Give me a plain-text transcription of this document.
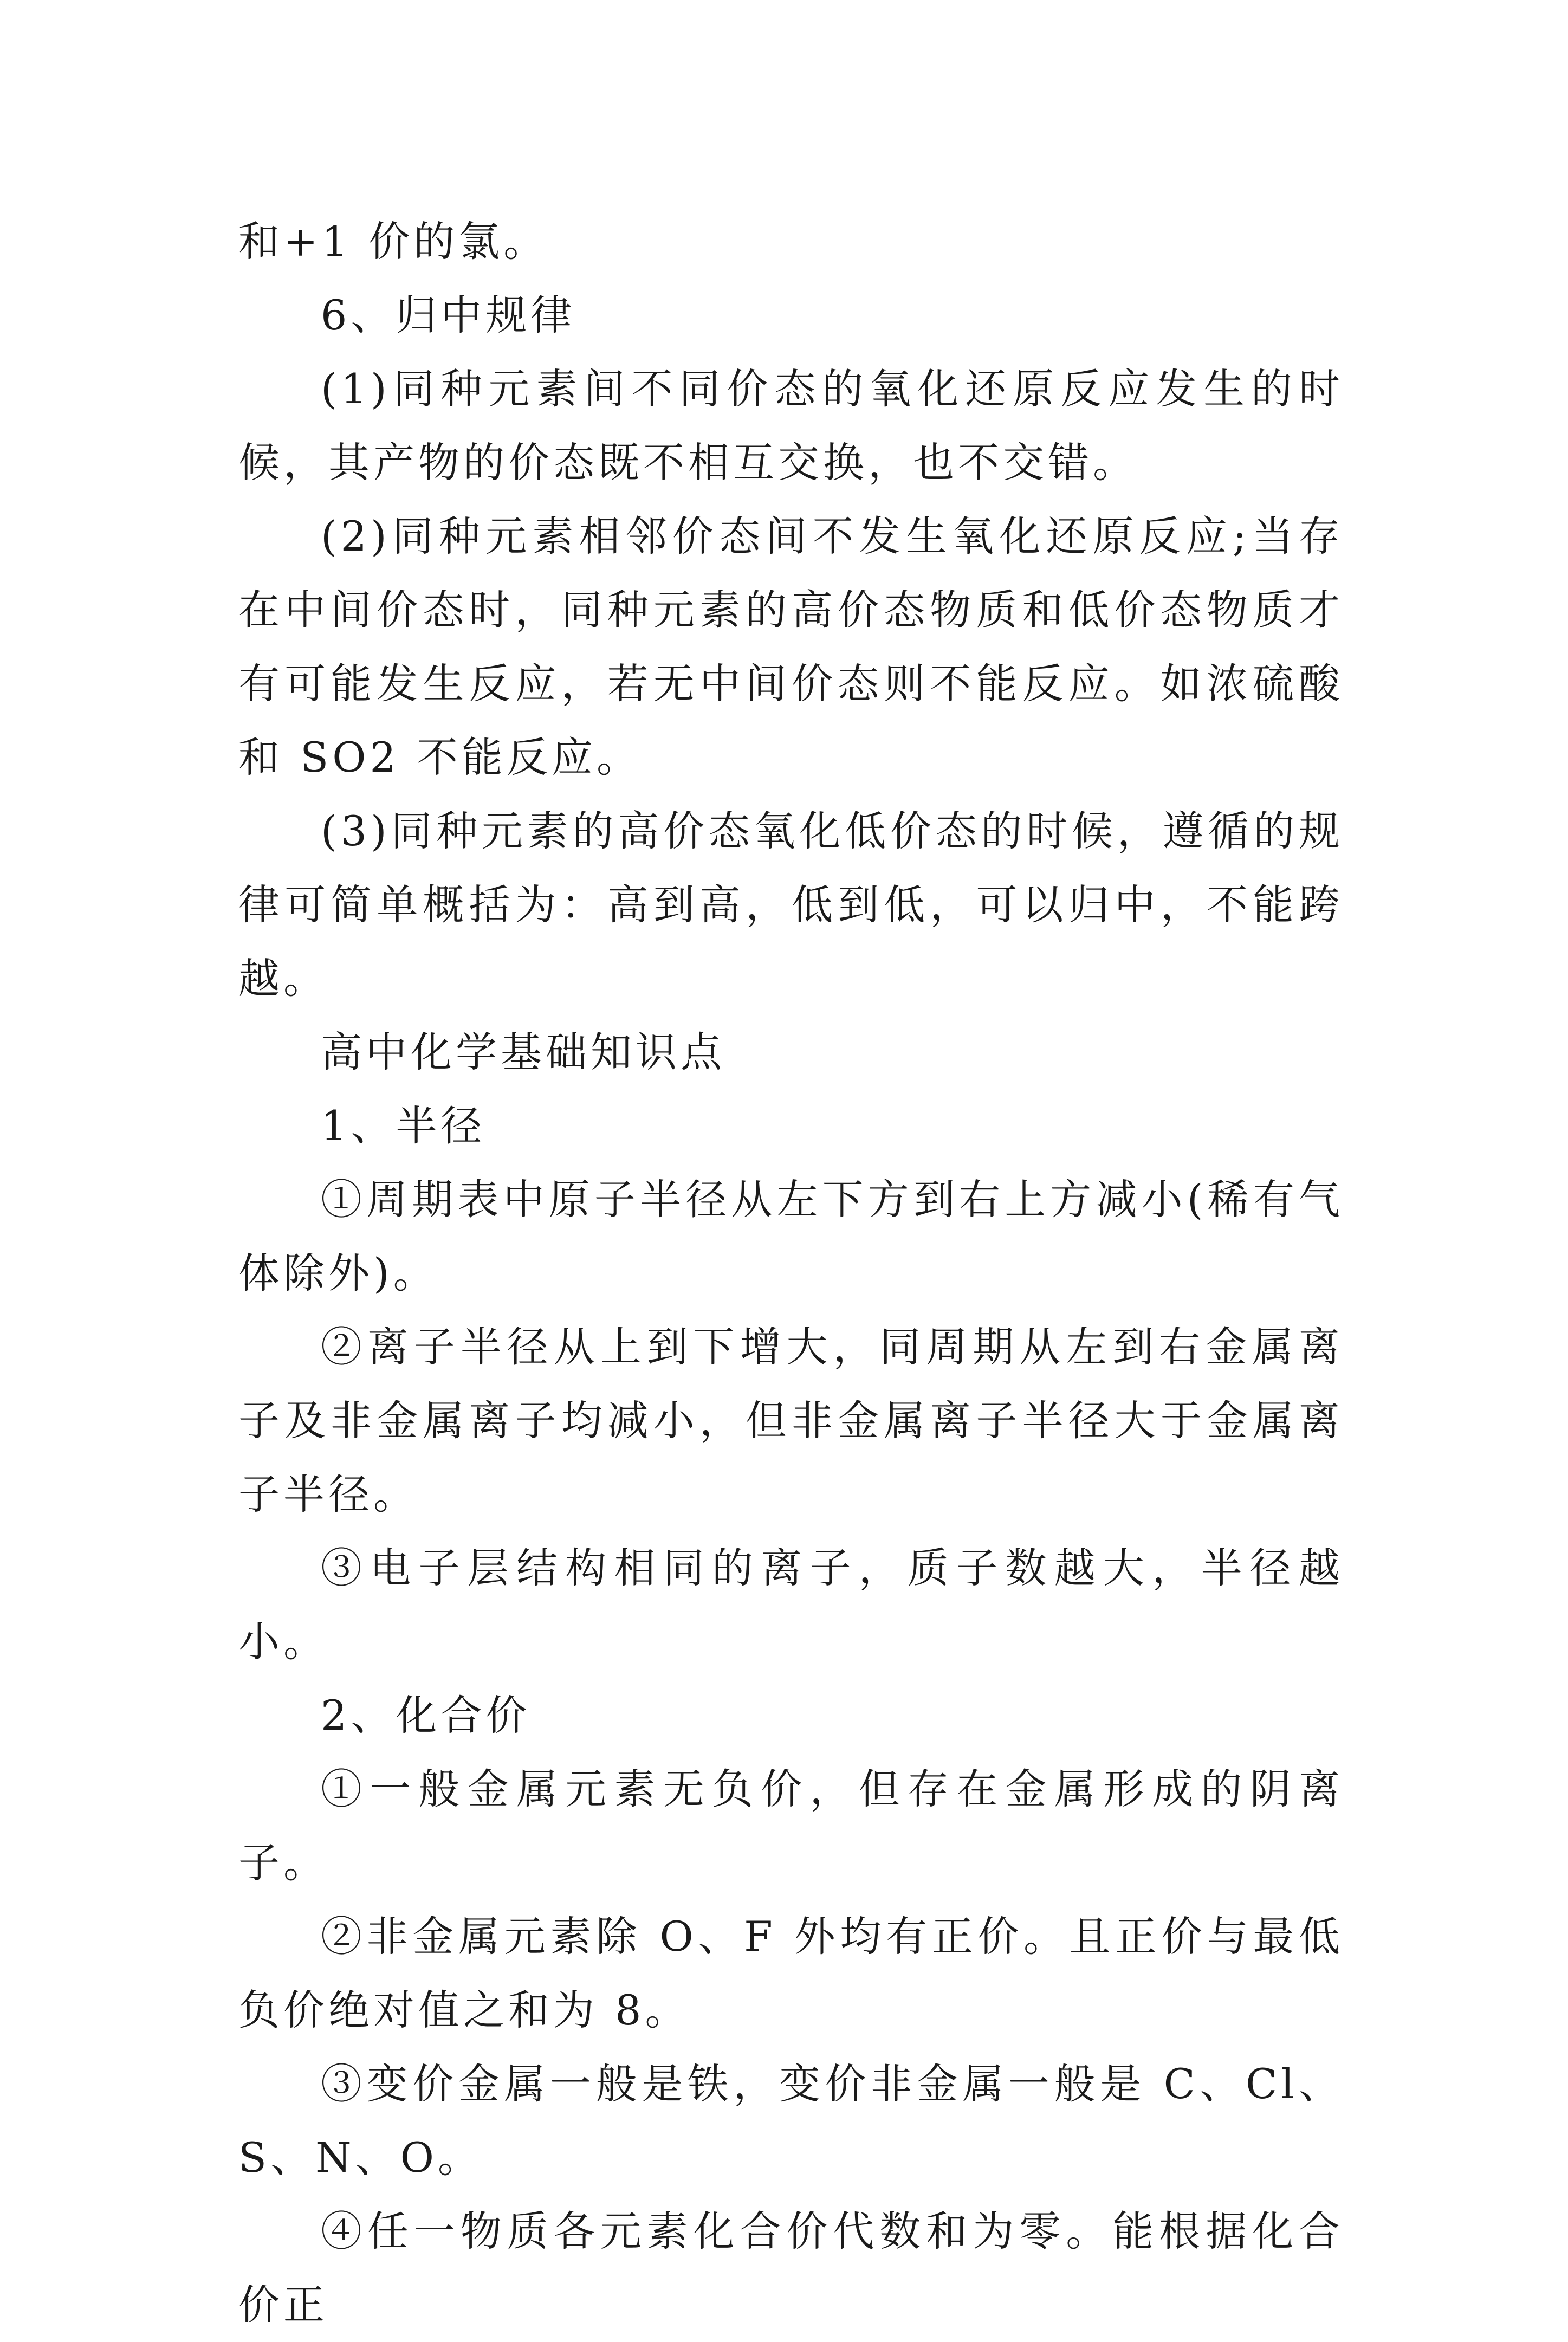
和+1 价的氯。

6、归中规律

(1)同种元素间不同价态的氧化还原反应发生的时候，其产物的价态既不相互交换，也不交错。

(2)同种元素相邻价态间不发生氧化还原反应;当存在中间价态时，同种元素的高价态物质和低价态物质才有可能发生反应，若无中间价态则不能反应。如浓硫酸和 SO2 不能反应。

(3)同种元素的高价态氧化低价态的时候，遵循的规律可简单概括为：高到高，低到低，可以归中，不能跨越。

高中化学基础知识点

1、半径

①周期表中原子半径从左下方到右上方减小(稀有气体除外)。

②离子半径从上到下增大，同周期从左到右金属离子及非金属离子均减小，但非金属离子半径大于金属离子半径。

③电子层结构相同的离子，质子数越大，半径越小。

2、化合价

①一般金属元素无负价，但存在金属形成的阴离子。

②非金属元素除 O、F 外均有正价。且正价与最低负价绝对值之和为 8。

③变价金属一般是铁，变价非金属一般是 C、Cl、S、N、O。

④任一物质各元素化合价代数和为零。能根据化合价正
